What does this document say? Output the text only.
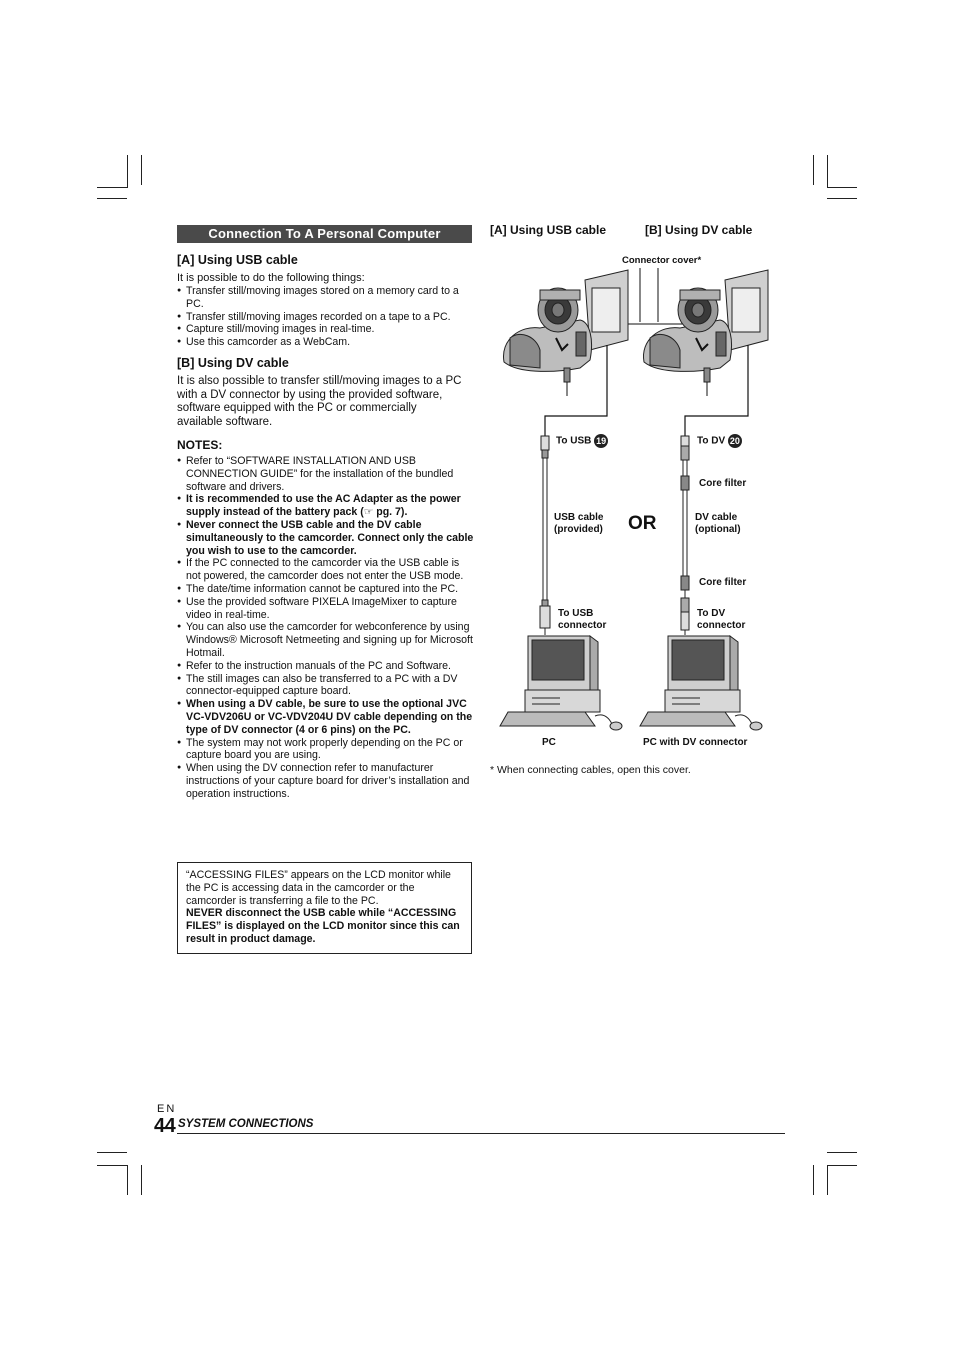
Connection To A Personal Computer
[A] Using USB cable
It is possible to do the following things:
● Transfer still/moving images stored on a memory card to a PC.
● Transfer still/moving images recorded on a tape to a PC.
● Capture still/moving images in real-time.
● Use this camcorder as a WebCam.
[B] Using DV cable
It is also possible to transfer still/moving images to a PC with a DV connector by using the provided software, software equipped with the PC or commercially available software.
NOTES:
● Refer to “SOFTWARE INSTALLATION AND USB CONNECTION GUIDE” for the installation of the bundled software and drivers.
● It is recommended to use the AC Adapter as the power supply instead of the battery pack (☞ pg. 7).
● Never connect the USB cable and the DV cable simultaneously to the camcorder. Connect only the cable you wish to use to the camcorder.
● If the PC connected to the camcorder via the USB cable is not powered, the camcorder does not enter the USB mode.
● The date/time information cannot be captured into the PC.
● Use the provided software PIXELA ImageMixer to capture video in real-time.
● You can also use the camcorder for webconference by using Windows® Microsoft Netmeeting and signing up for Microsoft Hotmail.
● Refer to the instruction manuals of the PC and Software.
● The still images can also be transferred to a PC with a DV connector-equipped capture board.
● When using a DV cable, be sure to use the optional JVC VC-VDV206U or VC-VDV204U DV cable depending on the type of DV connector (4 or 6 pins) on the PC.
● The system may not work properly depending on the PC or capture board you are using.
● When using the DV connection refer to manufacturer instructions of your capture board for driver’s installation and operation instructions.
“ACCESSING FILES” appears on the LCD monitor while the PC is accessing data in the camcorder or the camcorder is transferring a file to the PC.
NEVER disconnect the USB cable while “ACCESSING FILES” is displayed on the LCD monitor since this can result in product damage.
[A] Using USB cable	[B] Using DV cable
Connector cover*
To USB 19	To DV 20
Core filter
USB cable
(provided) OR	DV cable
(optional)
Core filter
To USB
connector
To DV
connector
PC	PC with DV connector
* When connecting cables, open this cover.
EN
44 SYSTEM CONNECTIONS
